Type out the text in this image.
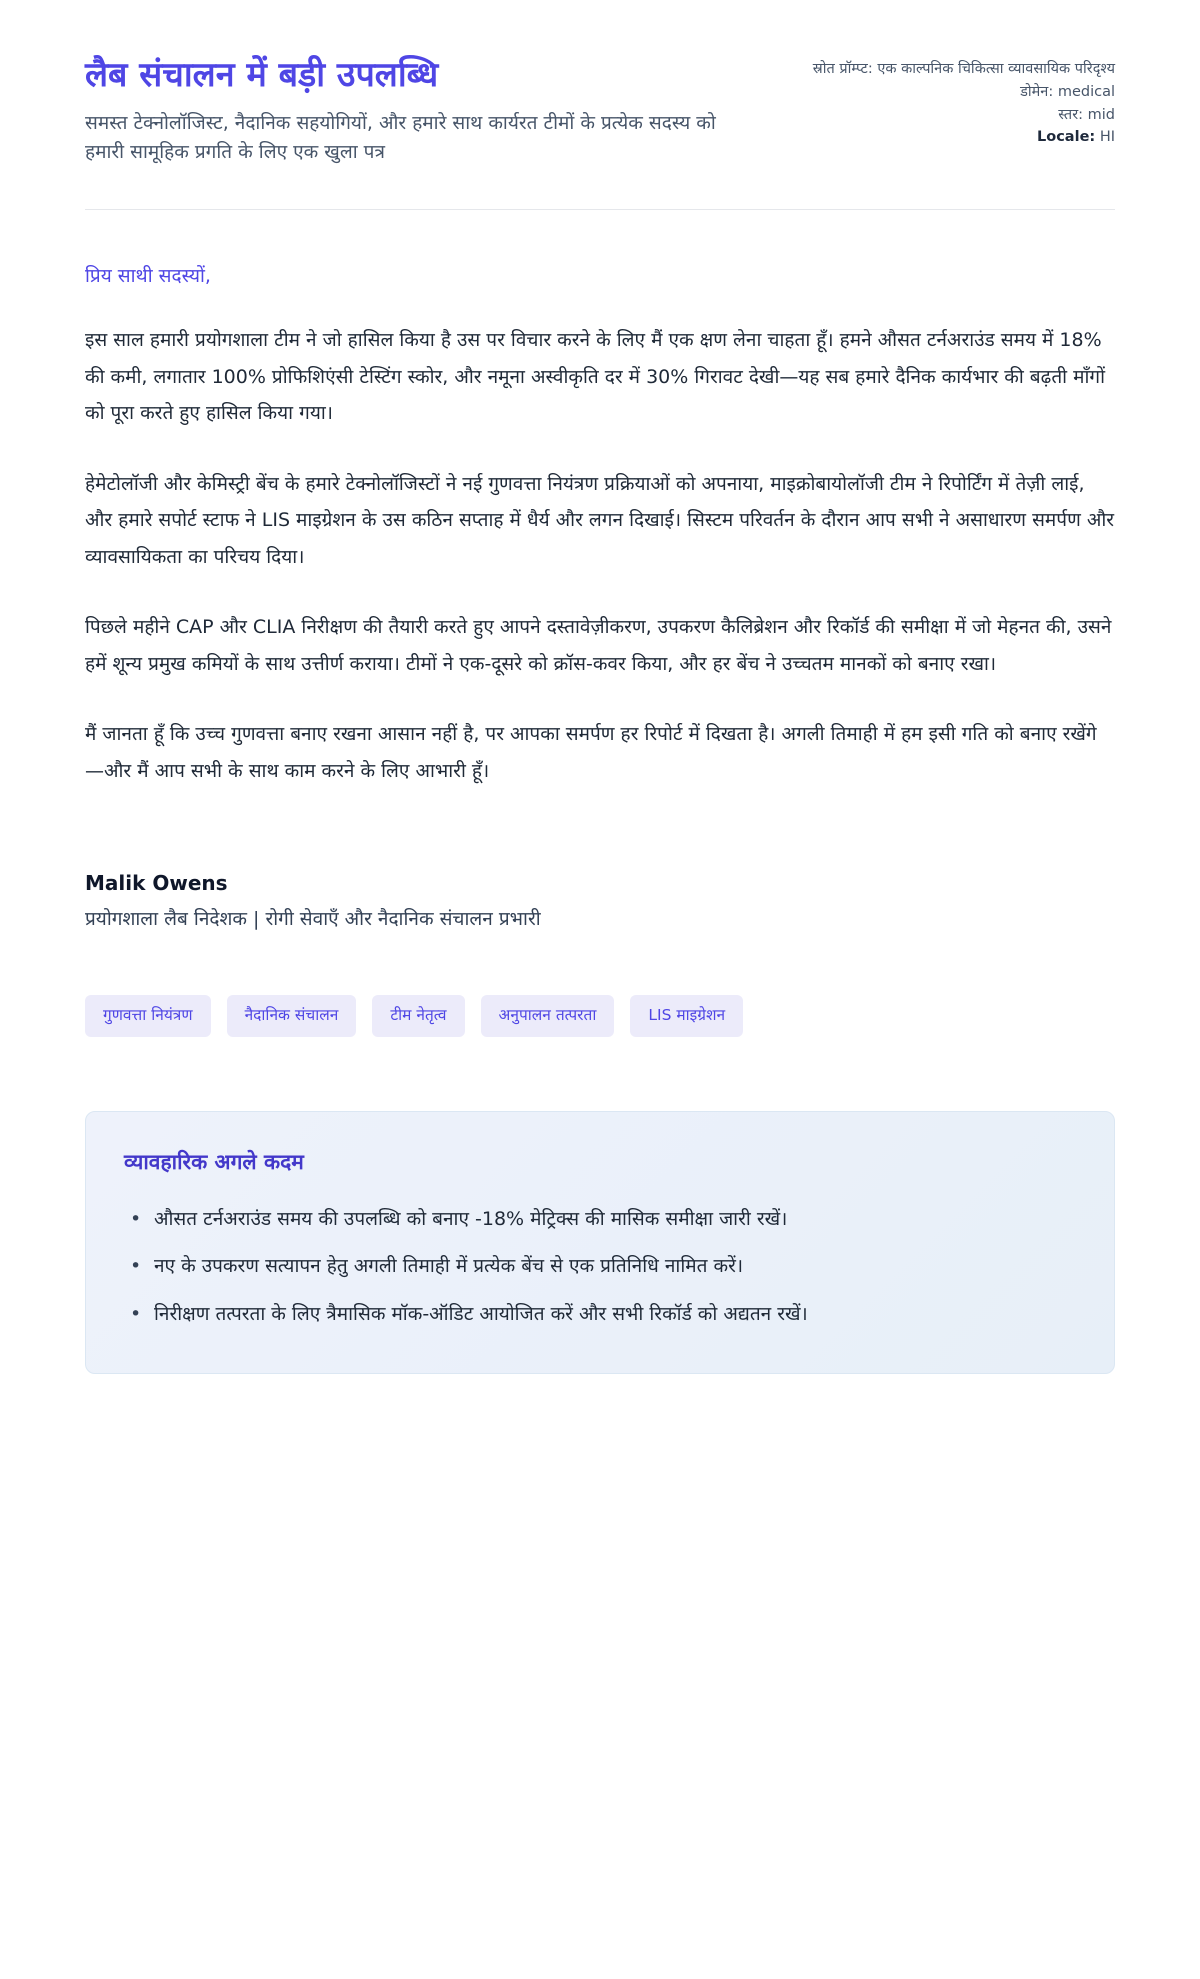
लैब संचालन में बड़ी उपलब्धि
समस्त टेक्नोलॉजिस्ट, नैदानिक सहयोगियों, और हमारे साथ कार्यरत टीमों के प्रत्येक सदस्य को हमारी सामूहिक प्रगति के लिए एक खुला पत्र
स्रोत प्रॉम्प्ट: एक काल्पनिक चिकित्सा व्यावसायिक परिदृश्य
डोमेन: medical
स्तर: mid
Locale: HI
प्रिय साथी सदस्यों,

इस साल हमारी प्रयोगशाला टीम ने जो हासिल किया है उस पर विचार करने के लिए मैं एक क्षण लेना चाहता हूँ। हमने औसत टर्नअराउंड समय में 18% की कमी, लगातार 100% प्रोफिशिएंसी टेस्टिंग स्कोर, और नमूना अस्वीकृति दर में 30% गिरावट देखी—यह सब हमारे दैनिक कार्यभार की बढ़ती माँगों को पूरा करते हुए हासिल किया गया।

हेमेटोलॉजी और केमिस्ट्री बेंच के हमारे टेक्नोलॉजिस्टों ने नई गुणवत्ता नियंत्रण प्रक्रियाओं को अपनाया, माइक्रोबायोलॉजी टीम ने रिपोर्टिंग में तेज़ी लाई, और हमारे सपोर्ट स्टाफ ने LIS माइग्रेशन के उस कठिन सप्ताह में धैर्य और लगन दिखाई। सिस्टम परिवर्तन के दौरान आप सभी ने असाधारण समर्पण और व्यावसायिकता का परिचय दिया।

पिछले महीने CAP और CLIA निरीक्षण की तैयारी करते हुए आपने दस्तावेज़ीकरण, उपकरण कैलिब्रेशन और रिकॉर्ड की समीक्षा में जो मेहनत की, उसने हमें शून्य प्रमुख कमियों के साथ उत्तीर्ण कराया। टीमों ने एक-दूसरे को क्रॉस-कवर किया, और हर बेंच ने उच्चतम मानकों को बनाए रखा।

मैं जानता हूँ कि उच्च गुणवत्ता बनाए रखना आसान नहीं है, पर आपका समर्पण हर रिपोर्ट में दिखता है। अगली तिमाही में हम इसी गति को बनाए रखेंगे—और मैं आप सभी के साथ काम करने के लिए आभारी हूँ।

Malik Owens
प्रयोगशाला लैब निदेशक | रोगी सेवाएँ और नैदानिक संचालन प्रभारी
गुणवत्ता नियंत्रण	नैदानिक संचालन	टीम नेतृत्व	अनुपालन तत्परता	LIS माइग्रेशन
व्यावहारिक अगले कदम
• औसत टर्नअराउंड समय की उपलब्धि को बनाए -18% मेट्रिक्स की मासिक समीक्षा जारी रखें।
• नए के उपकरण सत्यापन हेतु अगली तिमाही में प्रत्येक बेंच से एक प्रतिनिधि नामित करें।
• निरीक्षण तत्परता के लिए त्रैमासिक मॉक-ऑडिट आयोजित करें और सभी रिकॉर्ड को अद्यतन रखें।
